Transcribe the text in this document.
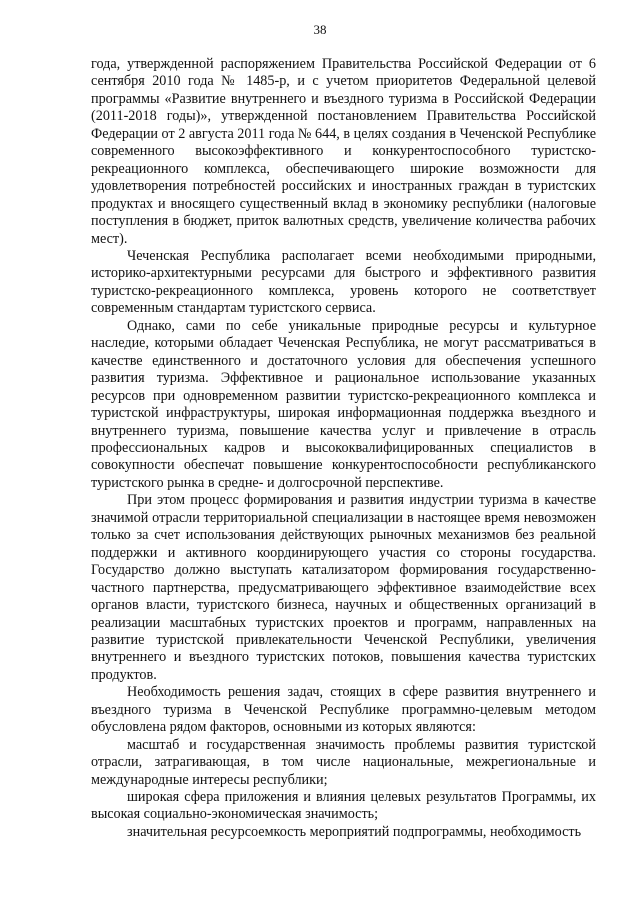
38

года, утвержденной распоряжением Правительства Российской Федерации от 6 сентября 2010 года № 1485-р, и с учетом приоритетов Федеральной целевой программы «Развитие внутреннего и въездного туризма в Российской Федерации (2011-2018 годы)», утвержденной постановлением Правительства Российской Федерации от 2 августа 2011 года № 644, в целях создания в Чеченской Республике современного высокоэффективного и конкурентоспособного туристско-рекреационного комплекса, обеспечивающего широкие возможности для удовлетворения потребностей российских и иностранных граждан в туристских продуктах и вносящего существенный вклад в экономику республики (налоговые поступления в бюджет, приток валютных средств, увеличение количества рабочих мест).

Чеченская Республика располагает всеми необходимыми природными, историко-архитектурными ресурсами для быстрого и эффективного развития туристско-рекреационного комплекса, уровень которого не соответствует современным стандартам туристского сервиса.

Однако, сами по себе уникальные природные ресурсы и культурное наследие, которыми обладает Чеченская Республика, не могут рассматриваться в качестве единственного и достаточного условия для обеспечения успешного развития туризма. Эффективное и рациональное использование указанных ресурсов при одновременном развитии туристско-рекреационного комплекса и туристской инфраструктуры, широкая информационная поддержка въездного и внутреннего туризма, повышение качества услуг и привлечение в отрасль профессиональных кадров и высококвалифицированных специалистов в совокупности обеспечат повышение конкурентоспособности республиканского туристского рынка в средне- и долгосрочной перспективе.

При этом процесс формирования и развития индустрии туризма в качестве значимой отрасли территориальной специализации в настоящее время невозможен только за счет использования действующих рыночных механизмов без реальной поддержки и активного координирующего участия со стороны государства. Государство должно выступать катализатором формирования государственно-частного партнерства, предусматривающего эффективное взаимодействие всех органов власти, туристского бизнеса, научных и общественных организаций в реализации масштабных туристских проектов и программ, направленных на развитие туристской привлекательности Чеченской Республики, увеличения внутреннего и въездного туристских потоков, повышения качества туристских продуктов.

Необходимость решения задач, стоящих в сфере развития внутреннего и въездного туризма в Чеченской Республике программно-целевым методом обусловлена рядом факторов, основными из которых являются:

масштаб и государственная значимость проблемы развития туристской отрасли, затрагивающая, в том числе национальные, межрегиональные и международные интересы республики;

широкая сфера приложения и влияния целевых результатов Программы, их высокая социально-экономическая значимость;

значительная ресурсоемкость мероприятий подпрограммы, необходимость
